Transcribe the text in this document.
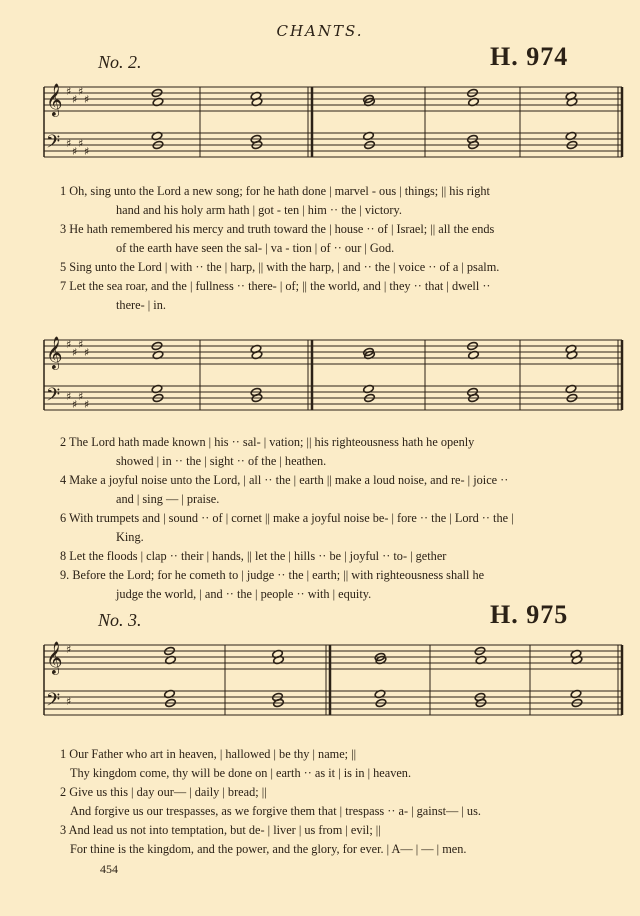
CHANTS.
No. 2.	H. 974
𝄞
𝄢
♯
♯
♯
♯
♯
♯
♯
♯
1 Oh, sing unto the Lord a new song; for he hath done | marvel - ous | things; || his right
hand and his holy arm hath | got - ten | him ·· the | victory.
3 He hath remembered his mercy and truth toward the | house ·· of | Israel; || all the ends
of the earth have seen the sal- | va - tion | of ·· our | God.
5 Sing unto the Lord | with ·· the | harp, || with the harp, | and ·· the | voice ·· of a | psalm.
7 Let the sea roar, and the | fullness ·· there- | of; || the world, and | they ·· that | dwell ··
there- | in.
𝄞
𝄢
♯
♯
♯
♯
♯
♯
♯
♯
2 The Lord hath made known | his ·· sal- | vation; || his righteousness hath he openly
showed | in ·· the | sight ·· of the | heathen.
4 Make a joyful noise unto the Lord, | all ·· the | earth || make a loud noise, and re- | joice ··
and | sing — | praise.
6 With trumpets and | sound ·· of | cornet || make a joyful noise be- | fore ·· the | Lord ·· the |
King.
8 Let the floods | clap ·· their | hands, || let the | hills ·· be | joyful ·· to- | gether
9. Before the Lord; for he cometh to | judge ·· the | earth; || with righteousness shall he
judge the world, | and ·· the | people ·· with | equity.
No. 3.	H. 975
𝄞
𝄢
♯
♯
1 Our Father who art in heaven, | hallowed | be thy | name; ||
Thy kingdom come, thy will be done on | earth ·· as it | is in | heaven.
2 Give us this | day our— | daily | bread; ||
And forgive us our trespasses, as we forgive them that | trespass ·· a- | gainst— | us.
3 And lead us not into temptation, but de- | liver | us from | evil; ||
For thine is the kingdom, and the power, and the glory, for ever. | A— | — | men.
454
